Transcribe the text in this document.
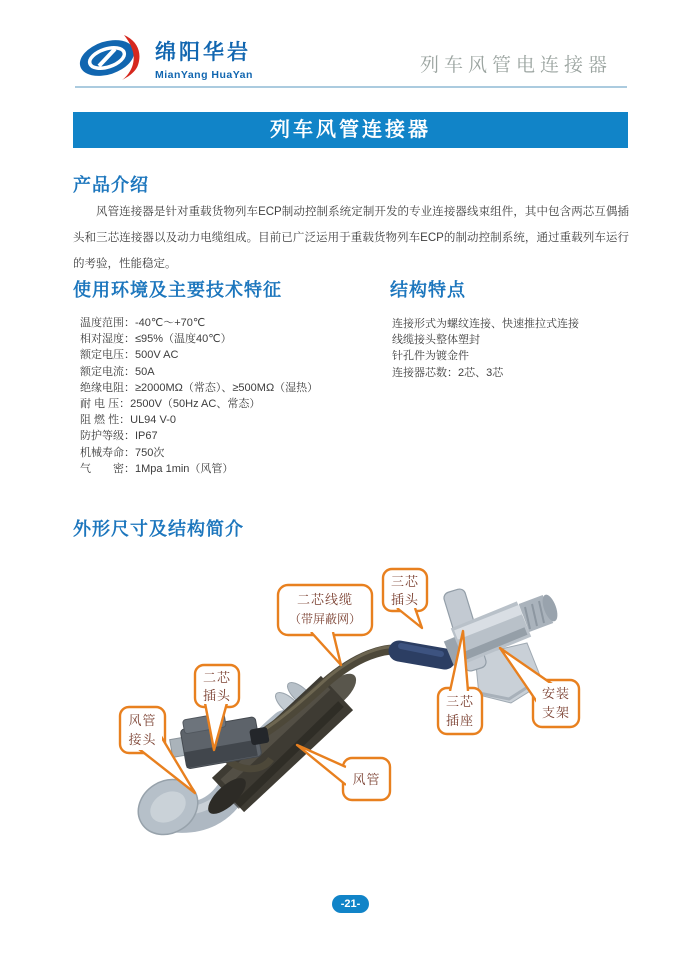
绵阳华岩
MianYang HuaYan	列车风管电连接器
列车风管连接器
产品介绍
风管连接器是针对重载货物列车ECP制动控制系统定制开发的专业连接器线束组件，其中包含两芯互偶插头和三芯连接器以及动力电缆组成。目前已广泛运用于重载货物列车ECP的制动控制系统，通过重载列车运行的考验，性能稳定。
使用环境及主要技术特征
温度范围：-40℃～+70℃
相对湿度：≤95%（温度40℃）
额定电压：500V AC
额定电流：50A
绝缘电阻：≥2000MΩ（常态）、≥500MΩ（湿热）
耐 电 压：2500V（50Hz AC、常态）
阻 燃 性：UL94 V-0
防护等级：IP67
机械寿命：750次
气　　密：1Mpa 1min（风管）
结构特点
连接形式为螺纹连接、快速推拉式连接
线缆接头整体塑封
针孔件为镀金件
连接器芯数：2芯、3芯
外形尺寸及结构简介
风管
接头
二芯
插头
二芯线缆
（带屏蔽网）
三芯
插头
三芯
插座
安装
支架
风管
-21-
